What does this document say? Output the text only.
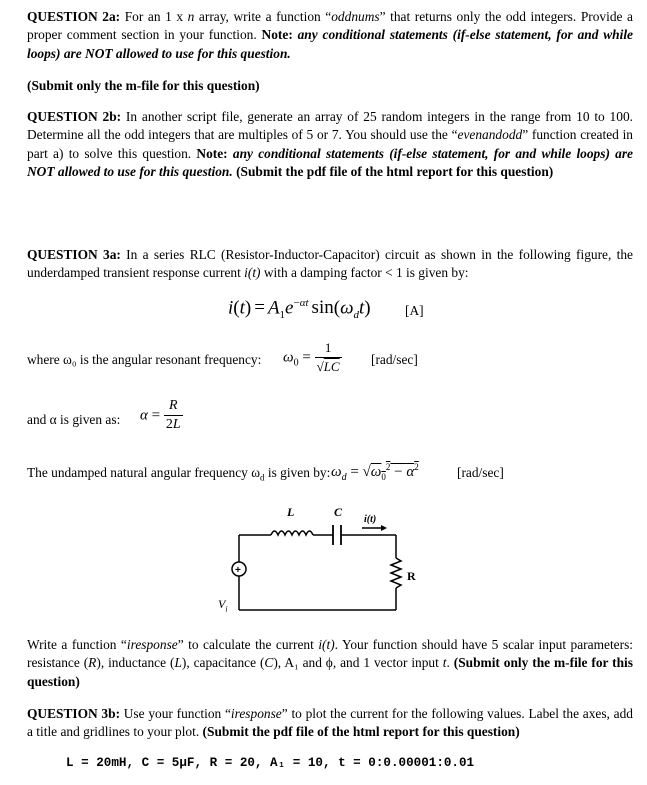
QUESTION 2a: For an 1 x n array, write a function “oddnums” that returns only the odd integers. Provide a proper comment section in your function. Note: any conditional statements (if-else statement, for and while loops) are NOT allowed to use for this question.

(Submit only the m-file for this question)

QUESTION 2b: In another script file, generate an array of 25 random integers in the range from 10 to 100. Determine all the odd integers that are multiples of 5 or 7. You should use the “evenandodd” function created in part a) to solve this question. Note: any conditional statements (if-else statement, for and while loops) are NOT allowed to use for this question. (Submit the pdf file of the html report for this question)

QUESTION 3a: In a series RLC (Resistor-Inductor-Capacitor) circuit as shown in the following figure, the underdamped transient response current i(t) with a damping factor < 1 is given by:

$i(t) = A_1e^{-\alpha t}$ $\sin(\omega_dt)$	[A]
where ω₀ is the angular resonant frequency: $\omega_0 = \frac{1}{√LC} [rad/\sec]$
and α is given as: $\alpha = \frac{R}{2L}$
The undamped natural angular frequency $\omega_d$ is given by: $\omega_d = √\omega_0^2 - \alpha^2$	[rad/sec]
+
L	C
i(t)
R
$V_i$

Write a function “iresponse” to calculate the current i(t). Your function should have 5 scalar input parameters: resistance (R), inductance (L), capacitance (C), A₁ and ϕ, and 1 vector input t. (Submit only the m-file for this question)

QUESTION 3b: Use your function “iresponse” to plot the current for the following values. Label the axes, add a title and gridlines to your plot. (Submit the pdf file of the html report for this question)

L = 20mH, C = 5μF, R = 20, A₁ = 10, t = 0:0.00001:0.01
